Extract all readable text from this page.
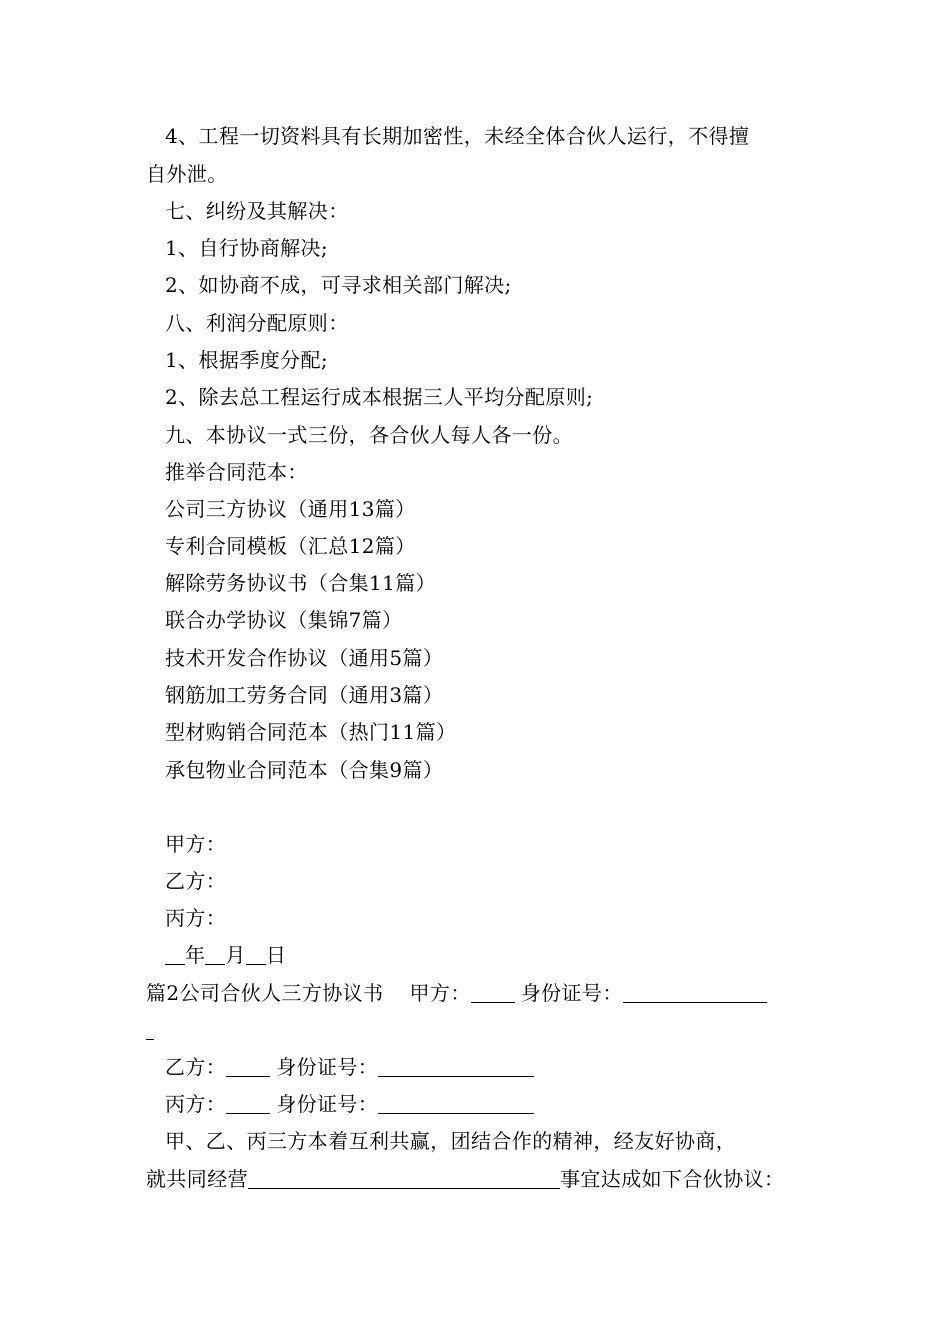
4、工程一切资料具有长期加密性，未经全体合伙人运行，不得擅
自外泄。
七、纠纷及其解决：
1、自行协商解决;
2、如协商不成，可寻求相关部门解决;
八、利润分配原则：
1、根据季度分配;
2、除去总工程运行成本根据三人平均分配原则;
九、本协议一式三份，各合伙人每人各一份。
推举合同范本：
公司三方协议（通用13篇）
专利合同模板（汇总12篇）
解除劳务协议书（合集11篇）
联合办学协议（集锦7篇）
技术开发合作协议（通用5篇）
钢筋加工劳务合同（通用3篇）
型材购销合同范本（热门11篇）
承包物业合同范本（合集9篇）
甲方：
乙方：
丙方：
年 月 日
篇2公司合伙人三方协议书 甲方：	身份证号：
乙方：	身份证号：
丙方：	身份证号：
甲、乙、丙三方本着互利共赢，团结合作的精神，经友好协商，
就共同经营	事宜达成如下合伙协议：
